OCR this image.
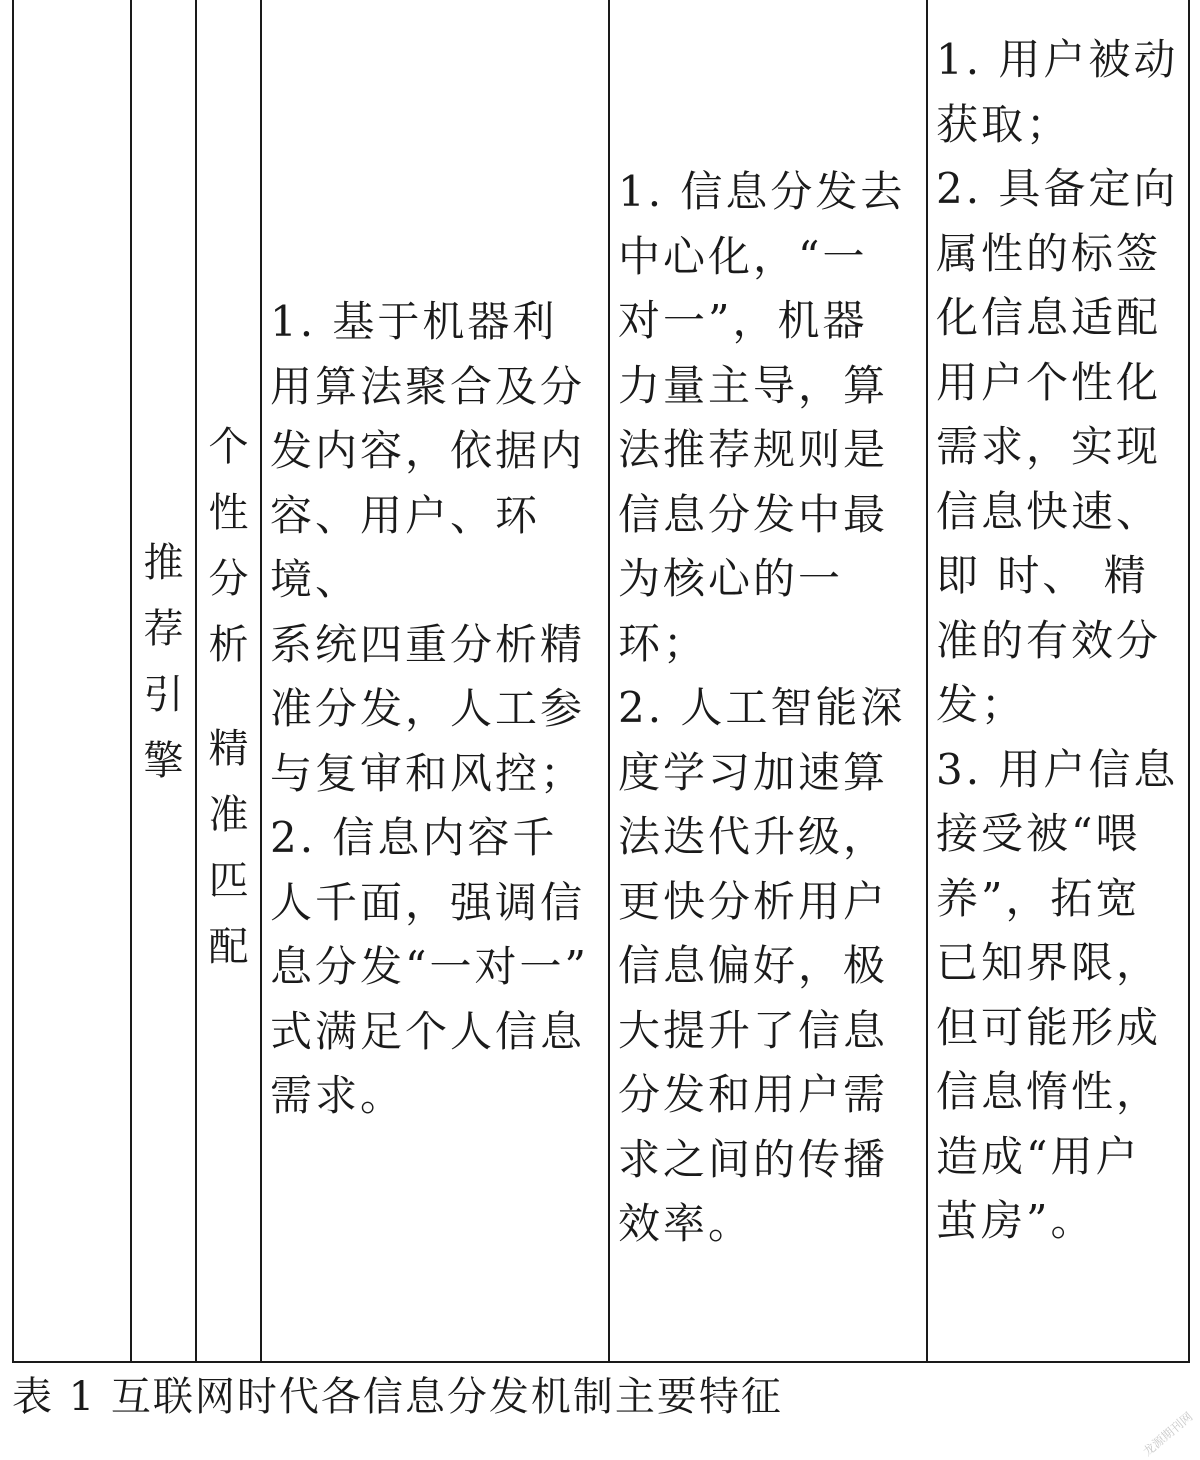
推
荐
引
擎
个
性
分
析
精
准
匹
配
1. 基于机器利
用算法聚合及分
发内容，依据内
容、用户、环境、
系统四重分析精
准分发，人工参
与复审和风控；
2. 信息内容千
人千面，强调信
息分发“一对一”
式满足个人信息
需求。
1. 信息分发去
中心化，“一
对一”，机器
力量主导，算
法推荐规则是
信息分发中最
为核心的一环；
2. 人工智能深
度学习加速算
法迭代升级，
更快分析用户
信息偏好，极
大提升了信息
分发和用户需
求之间的传播
效率。
1. 用户被动
获取；
2. 具备定向
属性的标签
化信息适配
用户个性化
需求，实现
信息快速、
即 时、 精
准的有效分
发；
3. 用户信息
接受被“喂
养”，拓宽
已知界限，
但可能形成
信息惰性，
造成“用户
茧房”。
表 1 互联网时代各信息分发机制主要特征
龙源期刊网
